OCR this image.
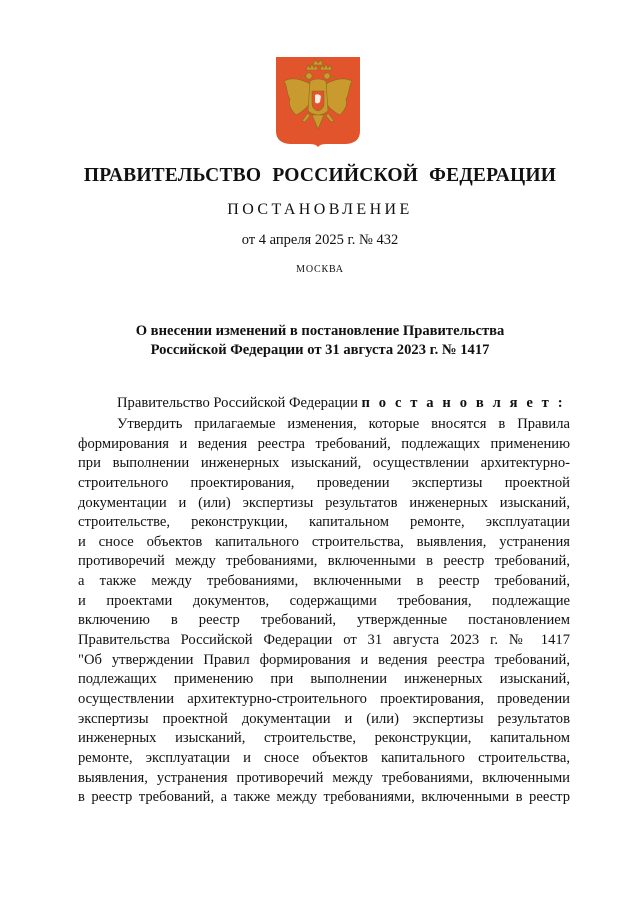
ПРАВИТЕЛЬСТВО РОССИЙСКОЙ ФЕДЕРАЦИИ
ПОСТАНОВЛЕНИЕ
от 4 апреля 2025 г. № 432
МОСКВА
О внесении изменений в постановление Правительства
Российской Федерации от 31 августа 2023 г. № 1417
Правительство Российской Федерации п о с т а н о в л я е т :
Утвердить прилагаемые изменения, которые вносятся в Правила
формирования и ведения реестра требований, подлежащих применению
при выполнении инженерных изысканий, осуществлении архитектурно-
строительного проектирования, проведении экспертизы проектной
документации и (или) экспертизы результатов инженерных изысканий,
строительстве, реконструкции, капитальном ремонте, эксплуатации
и сносе объектов капитального строительства, выявления, устранения
противоречий между требованиями, включенными в реестр требований,
а также между требованиями, включенными в реестр требований,
и проектами документов, содержащими требования, подлежащие
включению в реестр требований, утвержденные постановлением
Правительства Российской Федерации от 31 августа 2023 г. № 1417
"Об утверждении Правил формирования и ведения реестра требований,
подлежащих применению при выполнении инженерных изысканий,
осуществлении архитектурно-строительного проектирования, проведении
экспертизы проектной документации и (или) экспертизы результатов
инженерных изысканий, строительстве, реконструкции, капитальном
ремонте, эксплуатации и сносе объектов капитального строительства,
выявления, устранения противоречий между требованиями, включенными
в реестр требований, а также между требованиями, включенными в реестр
